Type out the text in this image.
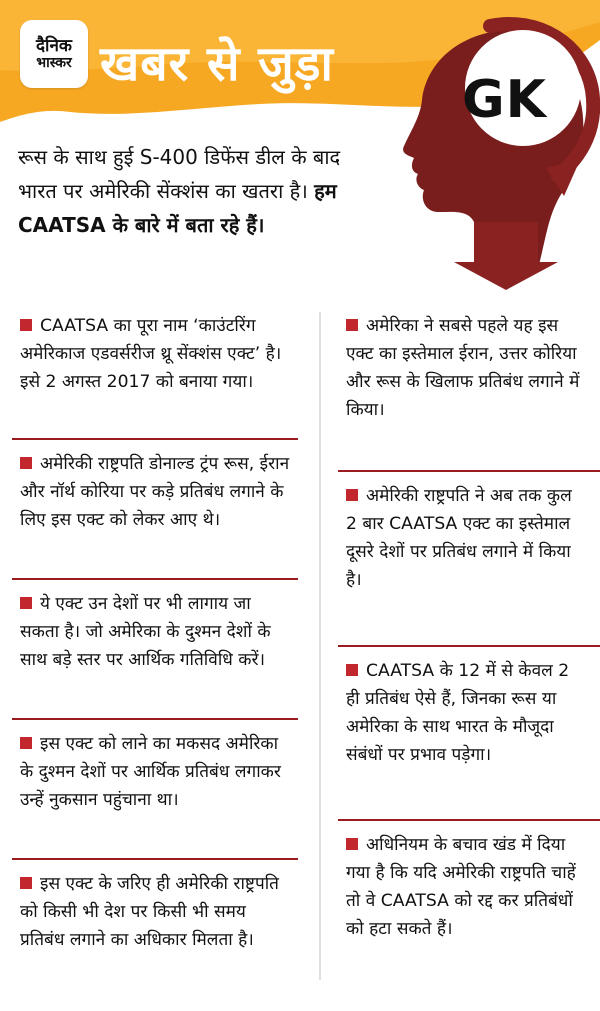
दैनिक
भास्कर खबर से जुड़ा
GK
रूस के साथ हुई S-400 डिफेंस डील के बाद भारत पर अमेरिकी सेंक्शंस का खतरा है। हम CAATSA के बारे में बता रहे हैं।
CAATSA का पूरा नाम ‘काउंटरिंग अमेरिकाज एडवर्सरीज थ्रू सेंक्शंस एक्ट’ है। इसे 2 अगस्त 2017 को बनाया गया।
अमेरिकी राष्ट्रपति डोनाल्ड ट्रंप रूस, ईरान और नॉर्थ कोरिया पर कड़े प्रतिबंध लगाने के लिए इस एक्ट को लेकर आए थे।
ये एक्ट उन देशों पर भी लागाय जा सकता है। जो अमेरिका के दुश्मन देशों के साथ बड़े स्तर पर आर्थिक गतिविधि करें।
इस एक्ट को लाने का मकसद अमेरिका के दुश्मन देशों पर आर्थिक प्रतिबंध लगाकर उन्हें नुकसान पहुंचाना था।
इस एक्ट के जरिए ही अमेरिकी राष्ट्रपति को किसी भी देश पर किसी भी समय प्रतिबंध लगाने का अधिकार मिलता है।
अमेरिका ने सबसे पहले यह इस एक्ट का इस्तेमाल ईरान, उत्तर कोरिया और रूस के खिलाफ प्रतिबंध लगाने में किया।
अमेरिकी राष्ट्रपति ने अब तक कुल 2 बार CAATSA एक्ट का इस्तेमाल दूसरे देशों पर प्रतिबंध लगाने में किया है।
CAATSA के 12 में से केवल 2 ही प्रतिबंध ऐसे हैं, जिनका रूस या अमेरिका के साथ भारत के मौजूदा संबंधों पर प्रभाव पड़ेगा।
अधिनियम के बचाव खंड में दिया गया है कि यदि अमेरिकी राष्ट्रपति चाहें तो वे CAATSA को रद्द कर प्रतिबंधों को हटा सकते हैं।
